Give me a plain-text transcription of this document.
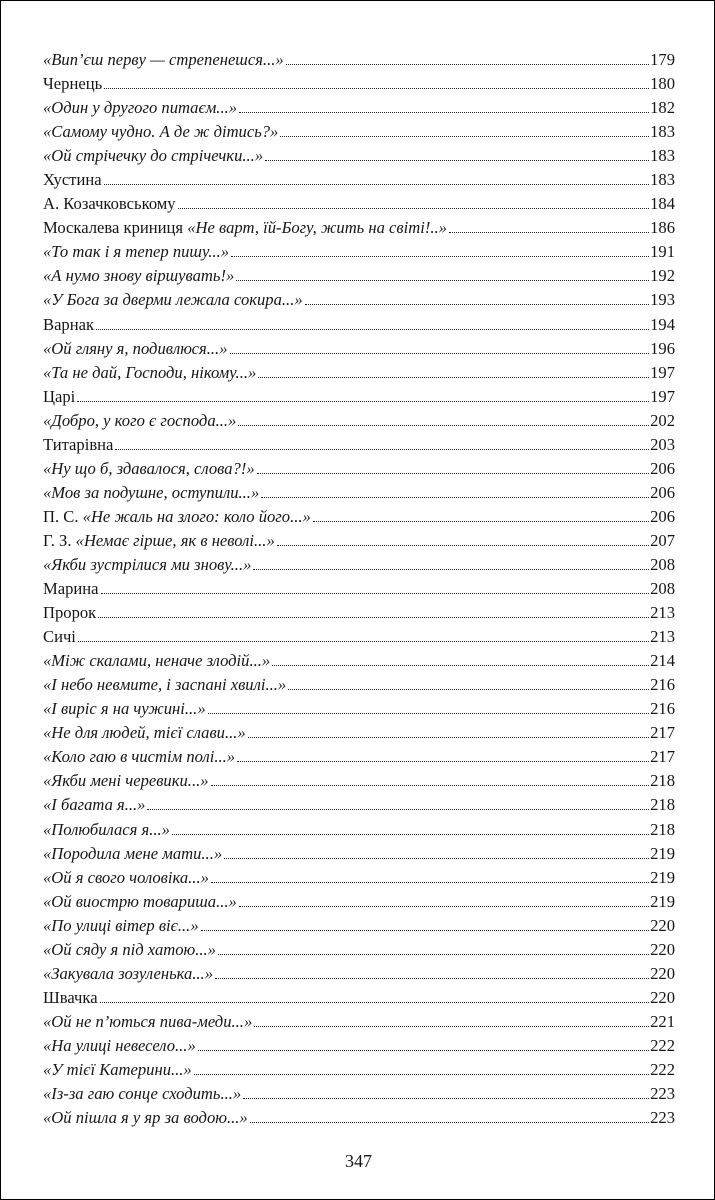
«Вип’єш перву — стрепенешся...»	179
Чернець	180
«Один у другого питаєм...»	182
«Самому чудно. А де ж дітись?»	183
«Ой стрічечку до стрічечки...»	183
Хустина	183
А. Козачковському	184
Москалева криниця «Не варт, їй-Богу, жить на світі!..»	186
«То так і я тепер пишу...»	191
«А нумо знову віршувать!»	192
«У Бога за дверми лежала сокира...»	193
Варнак	194
«Ой гляну я, подивлюся...»	196
«Та не дай, Господи, нікому...»	197
Царі	197
«Добро, у кого є господа...»	202
Титарівна	203
«Ну що б, здавалося, слова?!»	206
«Мов за подушне, оступили...»	206
П. С. «Не жаль на злого: коло його...»	206
Г. З. «Немає гірше, як в неволі...»	207
«Якби зустрілися ми знову...»	208
Марина	208
Пророк	213
Сичі	213
«Між скалами, неначе злодій...»	214
«І небо невмите, і заспані хвилі...»	216
«І виріс я на чужині...»	216
«Не для людей, тієї слави...»	217
«Коло гаю в чистім полі...»	217
«Якби мені черевики...»	218
«І багата я...»	218
«Полюбилася я...»	218
«Породила мене мати...»	219
«Ой я свого чоловіка...»	219
«Ой виострю товариша...»	219
«По улиці вітер віє...»	220
«Ой сяду я під хатою...»	220
«Закувала зозуленька...»	220
Швачка	220
«Ой не п’ються пива-меди...»	221
«На улиці невесело...»	222
«У тієї Катерини...»	222
«Із-за гаю сонце сходить...»	223
«Ой пішла я у яр за водою...»	223
347
